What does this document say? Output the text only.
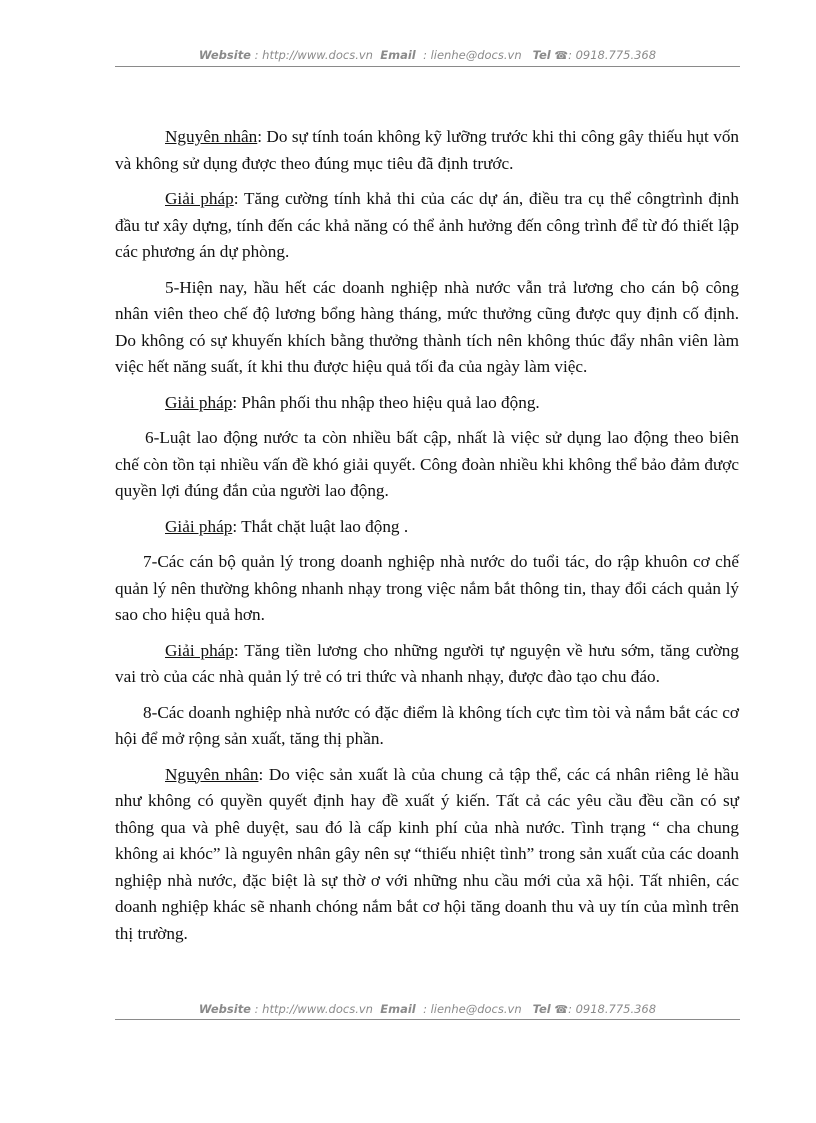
Website : http://www.docs.vn Email : lienhe@docs.vn Tel ☎: 0918.775.368

Nguyên nhân: Do sự tính toán không kỹ lưỡng trước khi thi công gây thiếu hụt vốn và không sử dụng được theo đúng mục tiêu đã định trước.

Giải pháp: Tăng cường tính khả thi của các dự án, điều tra cụ thể côngtrình định đầu tư xây dựng, tính đến các khả năng có thể ảnh hưởng đến công trình để từ đó thiết lập các phương án dự phòng.

5-Hiện nay, hầu hết các doanh nghiệp nhà nước vẫn trả lương cho cán bộ công nhân viên theo chế độ lương bổng hàng tháng, mức thưởng cũng được quy định cố định. Do không có sự khuyến khích bằng thưởng thành tích nên không thúc đẩy nhân viên làm việc hết năng suất, ít khi thu được hiệu quả tối đa của ngày làm việc.

Giải pháp: Phân phối thu nhập theo hiệu quả lao động.

6-Luật lao động nước ta còn nhiều bất cập, nhất là việc sử dụng lao động theo biên chế còn tồn tại nhiều vấn đề khó giải quyết. Công đoàn nhiều khi không thể bảo đảm được quyền lợi đúng đắn của người lao động.

Giải pháp: Thắt chặt luật lao động .

7-Các cán bộ quản lý trong doanh nghiệp nhà nước do tuổi tác, do rập khuôn cơ chế quản lý nên thường không nhanh nhạy trong việc nắm bắt thông tin, thay đổi cách quản lý sao cho hiệu quả hơn.

Giải pháp: Tăng tiền lương cho những người tự nguyện về hưu sớm, tăng cường vai trò của các nhà quản lý trẻ có tri thức và nhanh nhạy, được đào tạo chu đáo.

8-Các doanh nghiệp nhà nước có đặc điểm là không tích cực tìm tòi và nắm bắt các cơ hội để mở rộng sản xuất, tăng thị phần.

Nguyên nhân: Do việc sản xuất là của chung cả tập thể, các cá nhân riêng lẻ hầu như không có quyền quyết định hay đề xuất ý kiến. Tất cả các yêu cầu đều cần có sự thông qua và phê duyệt, sau đó là cấp kinh phí của nhà nước. Tình trạng “ cha chung không ai khóc” là nguyên nhân gây nên sự “thiếu nhiệt tình” trong sản xuất của các doanh nghiệp nhà nước, đặc biệt là sự thờ ơ với những nhu cầu mới của xã hội. Tất nhiên, các doanh nghiệp khác sẽ nhanh chóng nắm bắt cơ hội tăng doanh thu và uy tín của mình trên thị trường.

Website : http://www.docs.vn Email : lienhe@docs.vn Tel ☎: 0918.775.368
